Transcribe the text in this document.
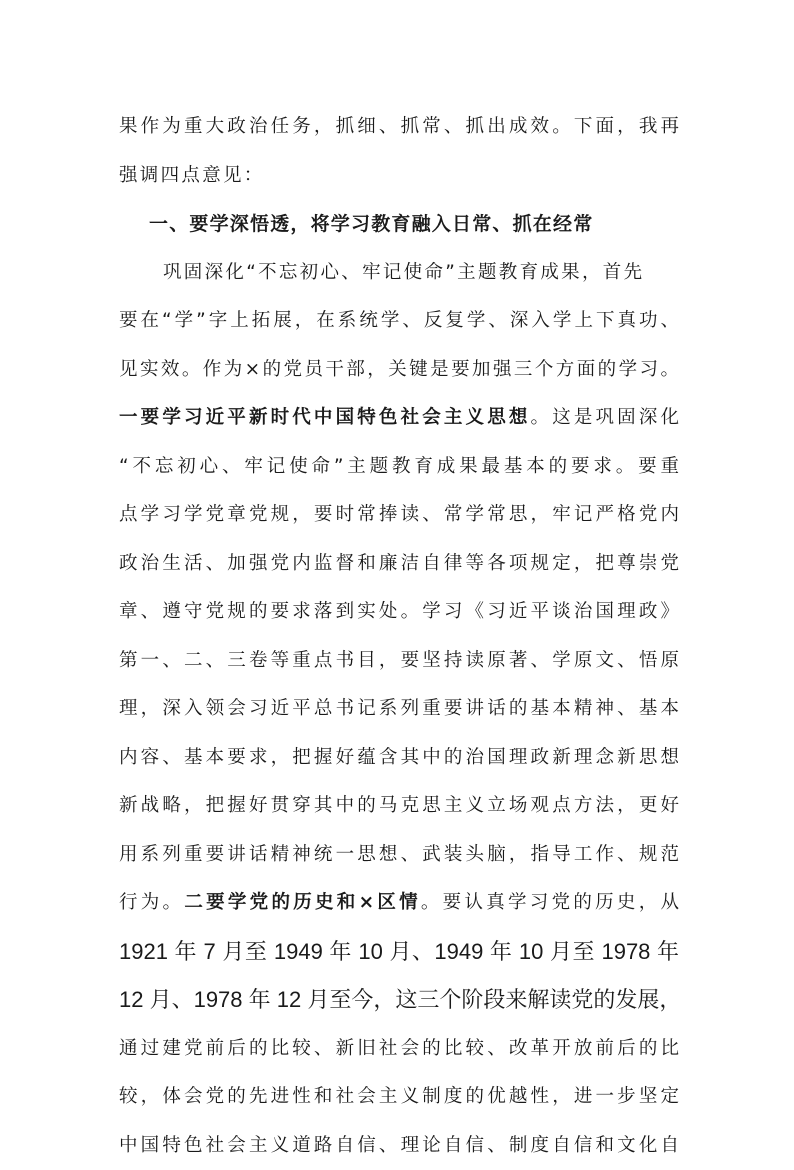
果作为重大政治任务，抓细、抓常、抓出成效。下面，我再
强调四点意见：
一、要学深悟透，将学习教育融入日常、抓在经常
巩固深化“不忘初心、牢记使命”主题教育成果，首先
要在“学”字上拓展，在系统学、反复学、深入学上下真功、
见实效。作为×的党员干部，关键是要加强三个方面的学习。
一要学习近平新时代中国特色社会主义思想。这是巩固深化
“不忘初心、牢记使命”主题教育成果最基本的要求。要重
点学习学党章党规，要时常捧读、常学常思，牢记严格党内
政治生活、加强党内监督和廉洁自律等各项规定，把尊崇党
章、遵守党规的要求落到实处。学习《习近平谈治国理政》
第一、二、三卷等重点书目，要坚持读原著、学原文、悟原
理，深入领会习近平总书记系列重要讲话的基本精神、基本
内容、基本要求，把握好蕴含其中的治国理政新理念新思想
新战略，把握好贯穿其中的马克思主义立场观点方法，更好
用系列重要讲话精神统一思想、武装头脑，指导工作、规范
行为。二要学党的历史和×区情。要认真学习党的历史，从
1921 年 7 月至 1949 年 10 月、1949 年 10 月至 1978 年
12 月、1978 年 12 月至今，这三个阶段来解读党的发展，
通过建党前后的比较、新旧社会的比较、改革开放前后的比
较，体会党的先进性和社会主义制度的优越性，进一步坚定
中国特色社会主义道路自信、理论自信、制度自信和文化自
